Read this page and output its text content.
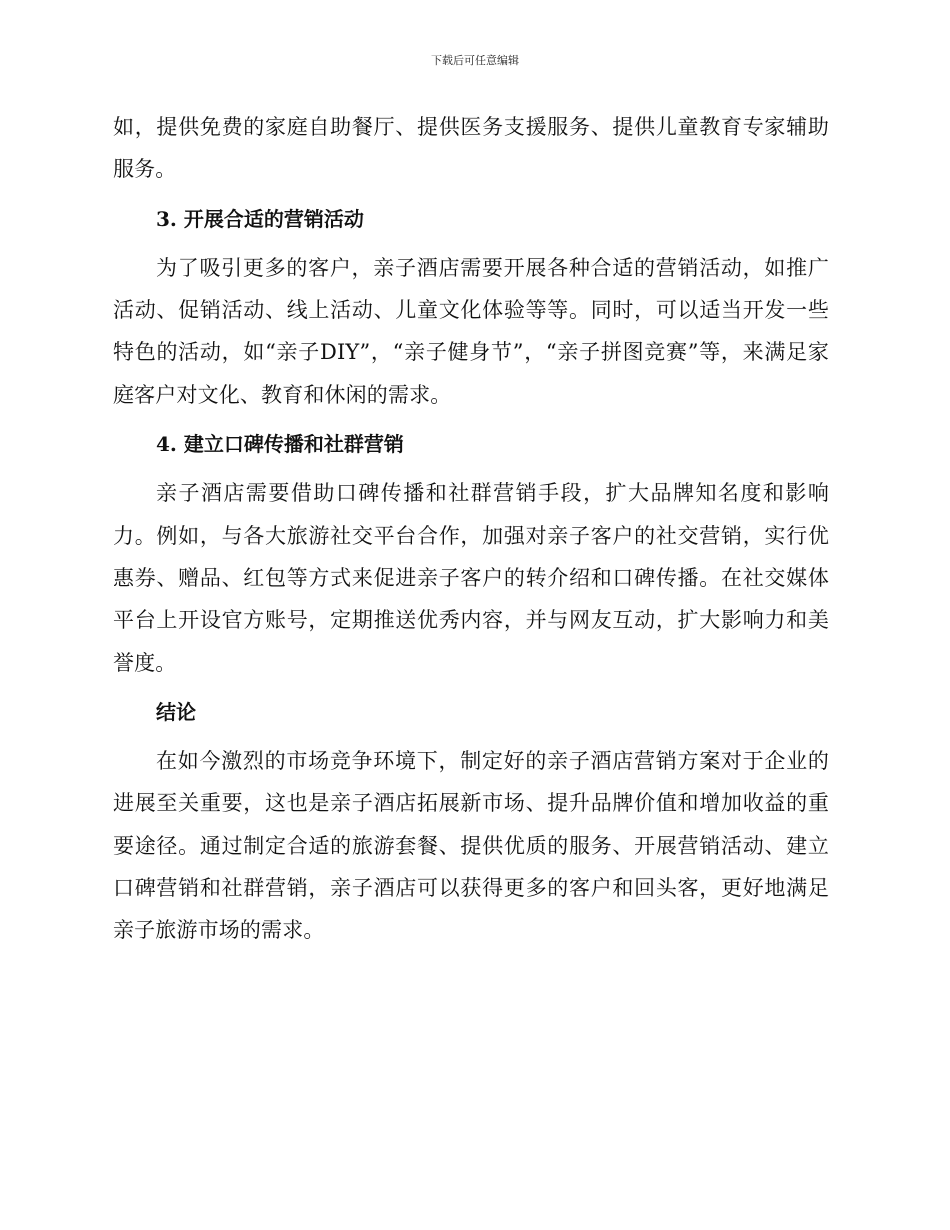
下载后可任意编辑

如，提供免费的家庭自助餐厅、提供医务支援服务、提供儿童教育专家辅助服务。

3. 开展合适的营销活动

为了吸引更多的客户，亲子酒店需要开展各种合适的营销活动，如推广活动、促销活动、线上活动、儿童文化体验等等。同时，可以适当开发一些特色的活动，如“亲子DIY”，“亲子健身节”，“亲子拼图竞赛”等，来满足家庭客户对文化、教育和休闲的需求。

4. 建立口碑传播和社群营销

亲子酒店需要借助口碑传播和社群营销手段，扩大品牌知名度和影响力。例如，与各大旅游社交平台合作，加强对亲子客户的社交营销，实行优惠券、赠品、红包等方式来促进亲子客户的转介绍和口碑传播。在社交媒体平台上开设官方账号，定期推送优秀内容，并与网友互动，扩大影响力和美誉度。

结论

在如今激烈的市场竞争环境下，制定好的亲子酒店营销方案对于企业的进展至关重要，这也是亲子酒店拓展新市场、提升品牌价值和增加收益的重要途径。通过制定合适的旅游套餐、提供优质的服务、开展营销活动、建立口碑营销和社群营销，亲子酒店可以获得更多的客户和回头客，更好地满足亲子旅游市场的需求。
